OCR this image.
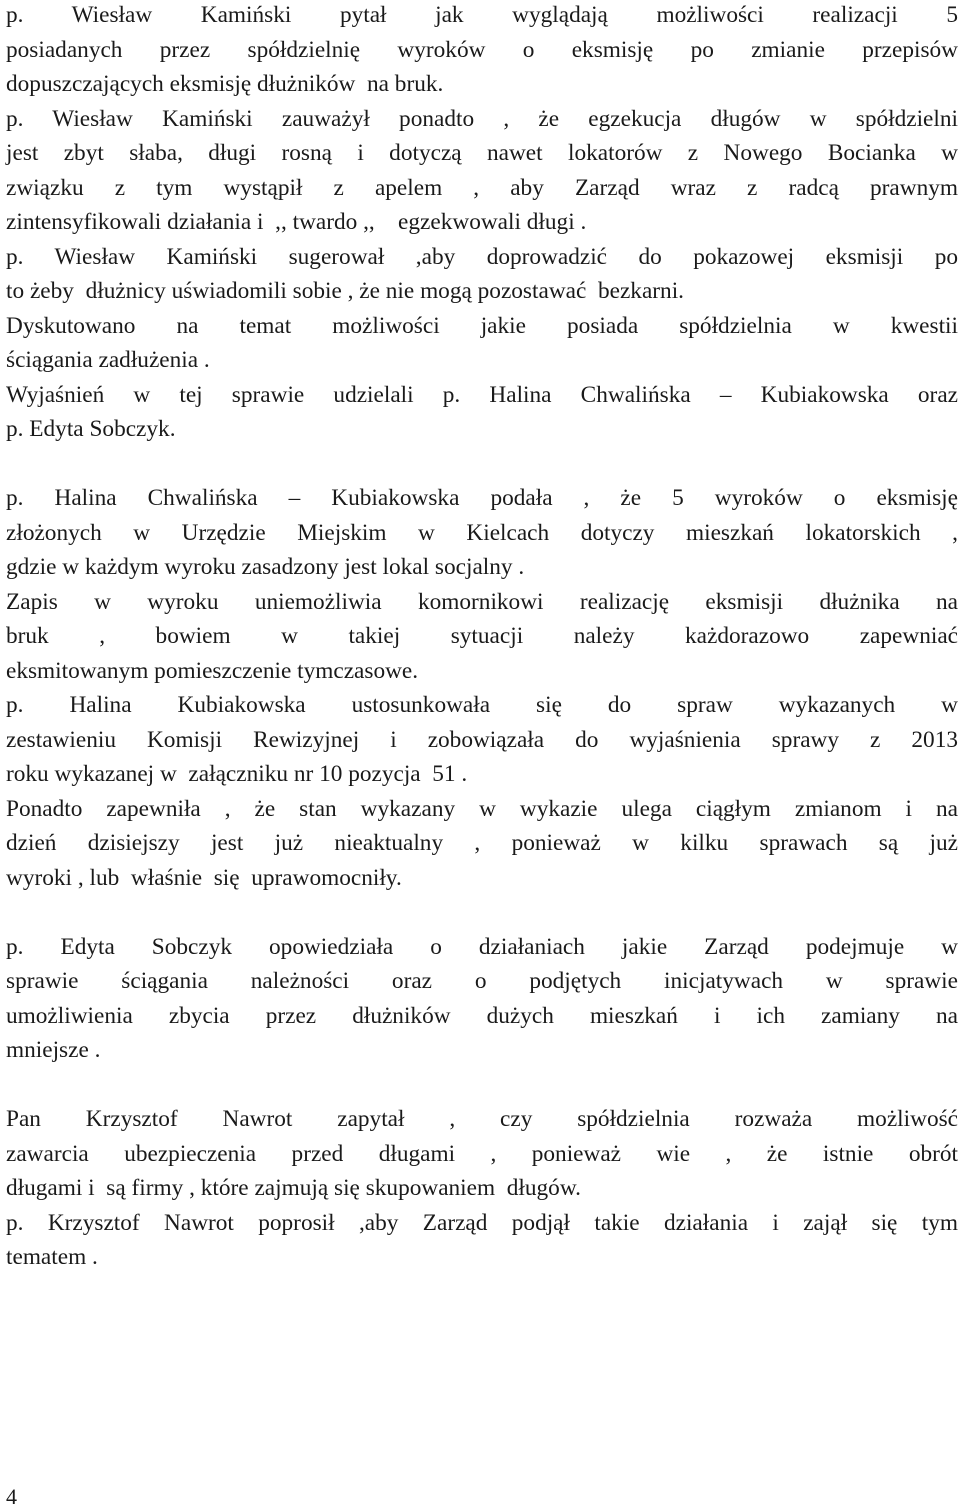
p. Wiesław Kamiński pytał jak wyglądają możliwości realizacji 5
posiadanych przez spółdzielnię wyroków o eksmisję po zmianie przepisów
dopuszczających eksmisję dłużników  na bruk.
p. Wiesław Kamiński zauważył ponadto , że egzekucja długów w spółdzielni
jest zbyt słaba, długi rosną i dotyczą nawet lokatorów z Nowego Bocianka w
związku z tym wystąpił z apelem , aby Zarząd wraz z radcą prawnym
zintensyfikowali działania i  ,, twardo ,,    egzekwowali długi .
p. Wiesław Kamiński sugerował ,aby doprowadzić do pokazowej eksmisji po
to żeby  dłużnicy uświadomili sobie , że nie mogą pozostawać  bezkarni.
Dyskutowano na temat możliwości jakie posiada spółdzielnia w kwestii
ściągania zadłużenia .
Wyjaśnień w tej sprawie udzielali p. Halina Chwalińska – Kubiakowska oraz
p. Edyta Sobczyk.
p. Halina Chwalińska – Kubiakowska podała , że 5 wyroków o eksmisję
złożonych w Urzędzie Miejskim w Kielcach dotyczy mieszkań lokatorskich ,
gdzie w każdym wyroku zasadzony jest lokal socjalny .
Zapis w wyroku uniemożliwia komornikowi realizację eksmisji dłużnika na
bruk , bowiem w takiej sytuacji należy każdorazowo zapewniać
eksmitowanym pomieszczenie tymczasowe.
p. Halina Kubiakowska ustosunkowała się do spraw wykazanych w
zestawieniu Komisji Rewizyjnej i zobowiązała do wyjaśnienia sprawy z 2013
roku wykazanej w  załączniku nr 10 pozycja  51 .
Ponadto zapewniła , że stan wykazany w wykazie ulega ciągłym zmianom i na
dzień dzisiejszy jest już nieaktualny , ponieważ w kilku sprawach są już
wyroki , lub  właśnie  się  uprawomocniły.
p. Edyta Sobczyk opowiedziała o działaniach jakie Zarząd podejmuje w
sprawie ściągania należności oraz o podjętych inicjatywach w sprawie
umożliwienia zbycia przez dłużników dużych mieszkań i ich zamiany na
mniejsze .
Pan Krzysztof Nawrot zapytał , czy spółdzielnia rozważa możliwość
zawarcia ubezpieczenia przed długami , ponieważ wie , że istnie obrót
długami i  są firmy , które zajmują się skupowaniem  długów.
p. Krzysztof Nawrot poprosił ,aby Zarząd podjął takie działania i zajął się tym
tematem .
4
